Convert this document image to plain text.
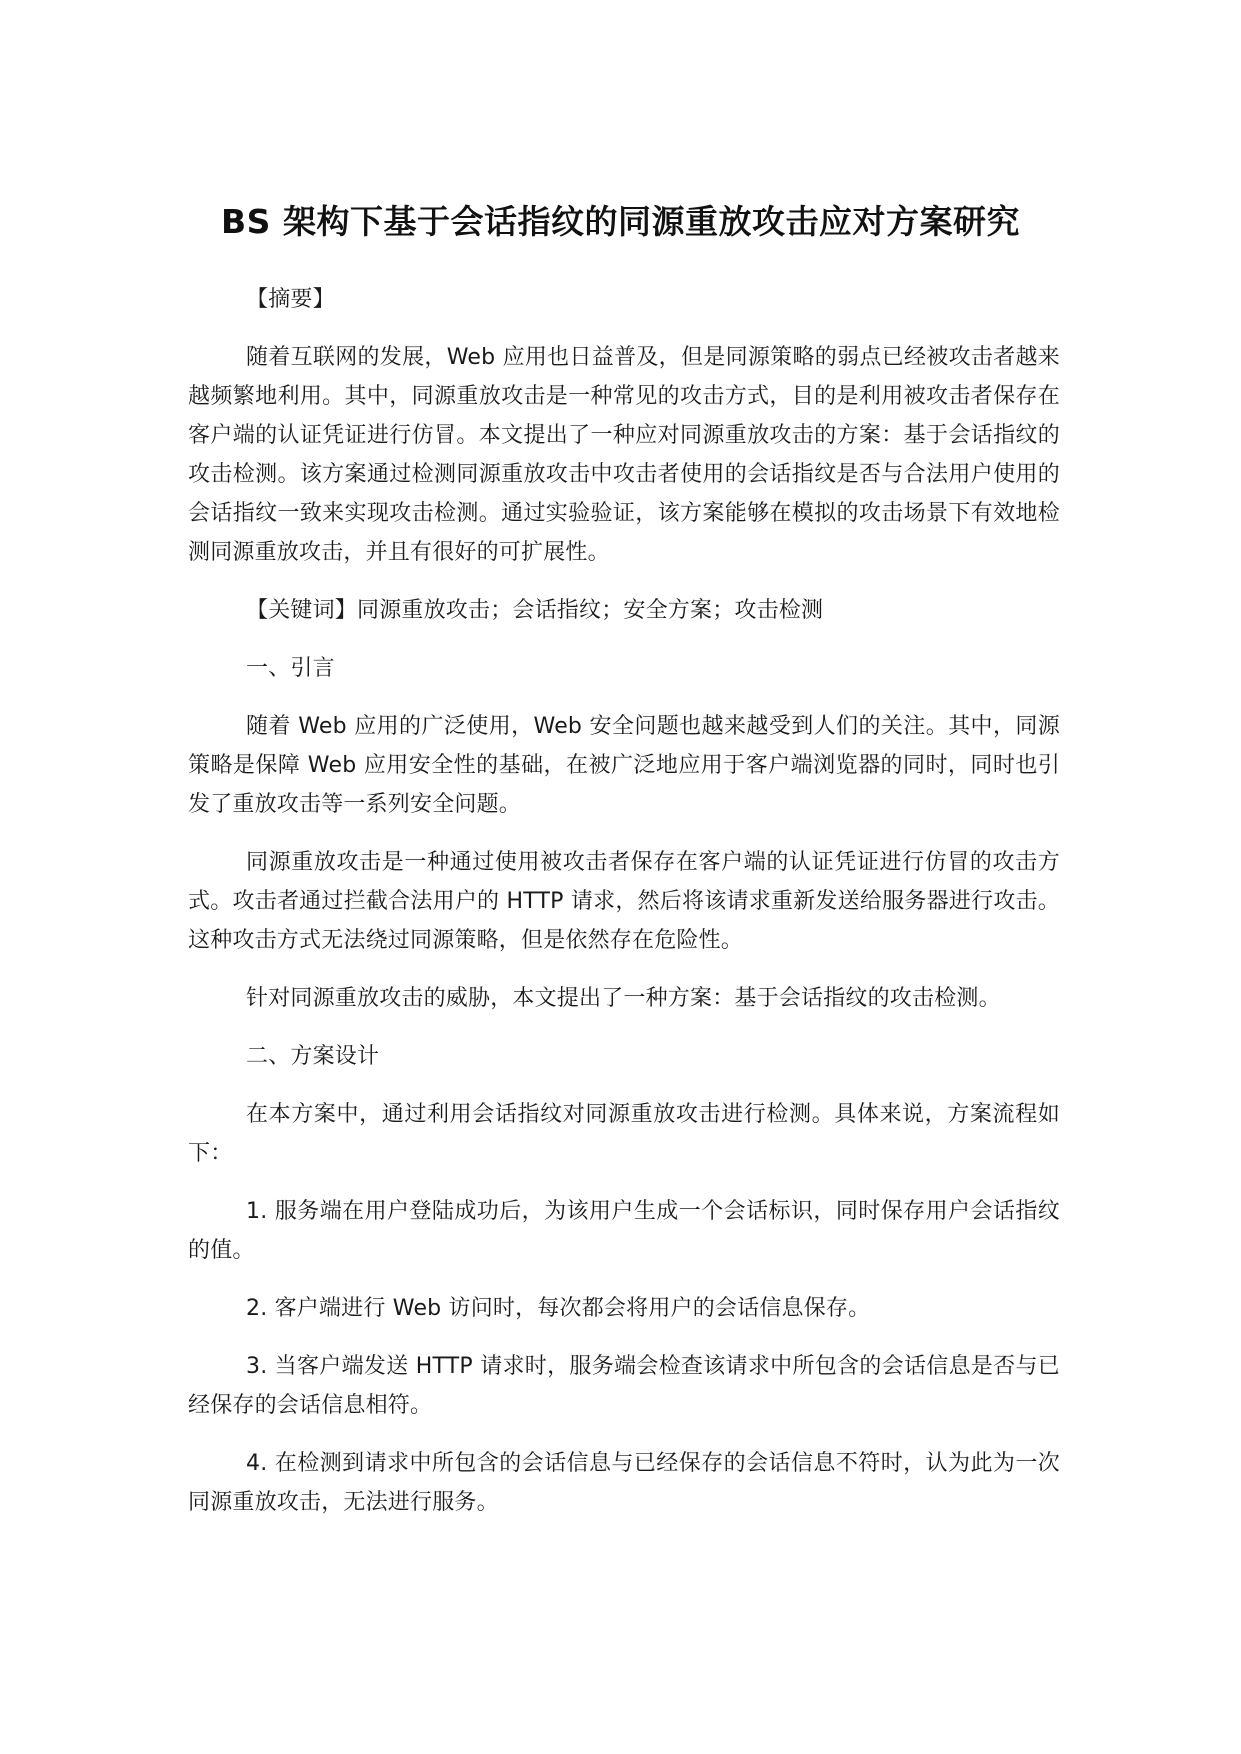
BS 架构下基于会话指纹的同源重放攻击应对方案研究

【摘要】

随着互联网的发展，Web 应用也日益普及，但是同源策略的弱点已经被攻击者越来越频繁地利用。其中，同源重放攻击是一种常见的攻击方式，目的是利用被攻击者保存在客户端的认证凭证进行仿冒。本文提出了一种应对同源重放攻击的方案：基于会话指纹的攻击检测。该方案通过检测同源重放攻击中攻击者使用的会话指纹是否与合法用户使用的会话指纹一致来实现攻击检测。通过实验验证，该方案能够在模拟的攻击场景下有效地检测同源重放攻击，并且有很好的可扩展性。

【关键词】同源重放攻击；会话指纹；安全方案；攻击检测

一、引言

随着 Web 应用的广泛使用，Web 安全问题也越来越受到人们的关注。其中，同源策略是保障 Web 应用安全性的基础，在被广泛地应用于客户端浏览器的同时，同时也引发了重放攻击等一系列安全问题。

同源重放攻击是一种通过使用被攻击者保存在客户端的认证凭证进行仿冒的攻击方式。攻击者通过拦截合法用户的 HTTP 请求，然后将该请求重新发送给服务器进行攻击。这种攻击方式无法绕过同源策略，但是依然存在危险性。

针对同源重放攻击的威胁，本文提出了一种方案：基于会话指纹的攻击检测。

二、方案设计

在本方案中，通过利用会话指纹对同源重放攻击进行检测。具体来说，方案流程如下：

1. 服务端在用户登陆成功后，为该用户生成一个会话标识，同时保存用户会话指纹的值。

2. 客户端进行 Web 访问时，每次都会将用户的会话信息保存。

3. 当客户端发送 HTTP 请求时，服务端会检查该请求中所包含的会话信息是否与已经保存的会话信息相符。

4. 在检测到请求中所包含的会话信息与已经保存的会话信息不符时，认为此为一次同源重放攻击，无法进行服务。
